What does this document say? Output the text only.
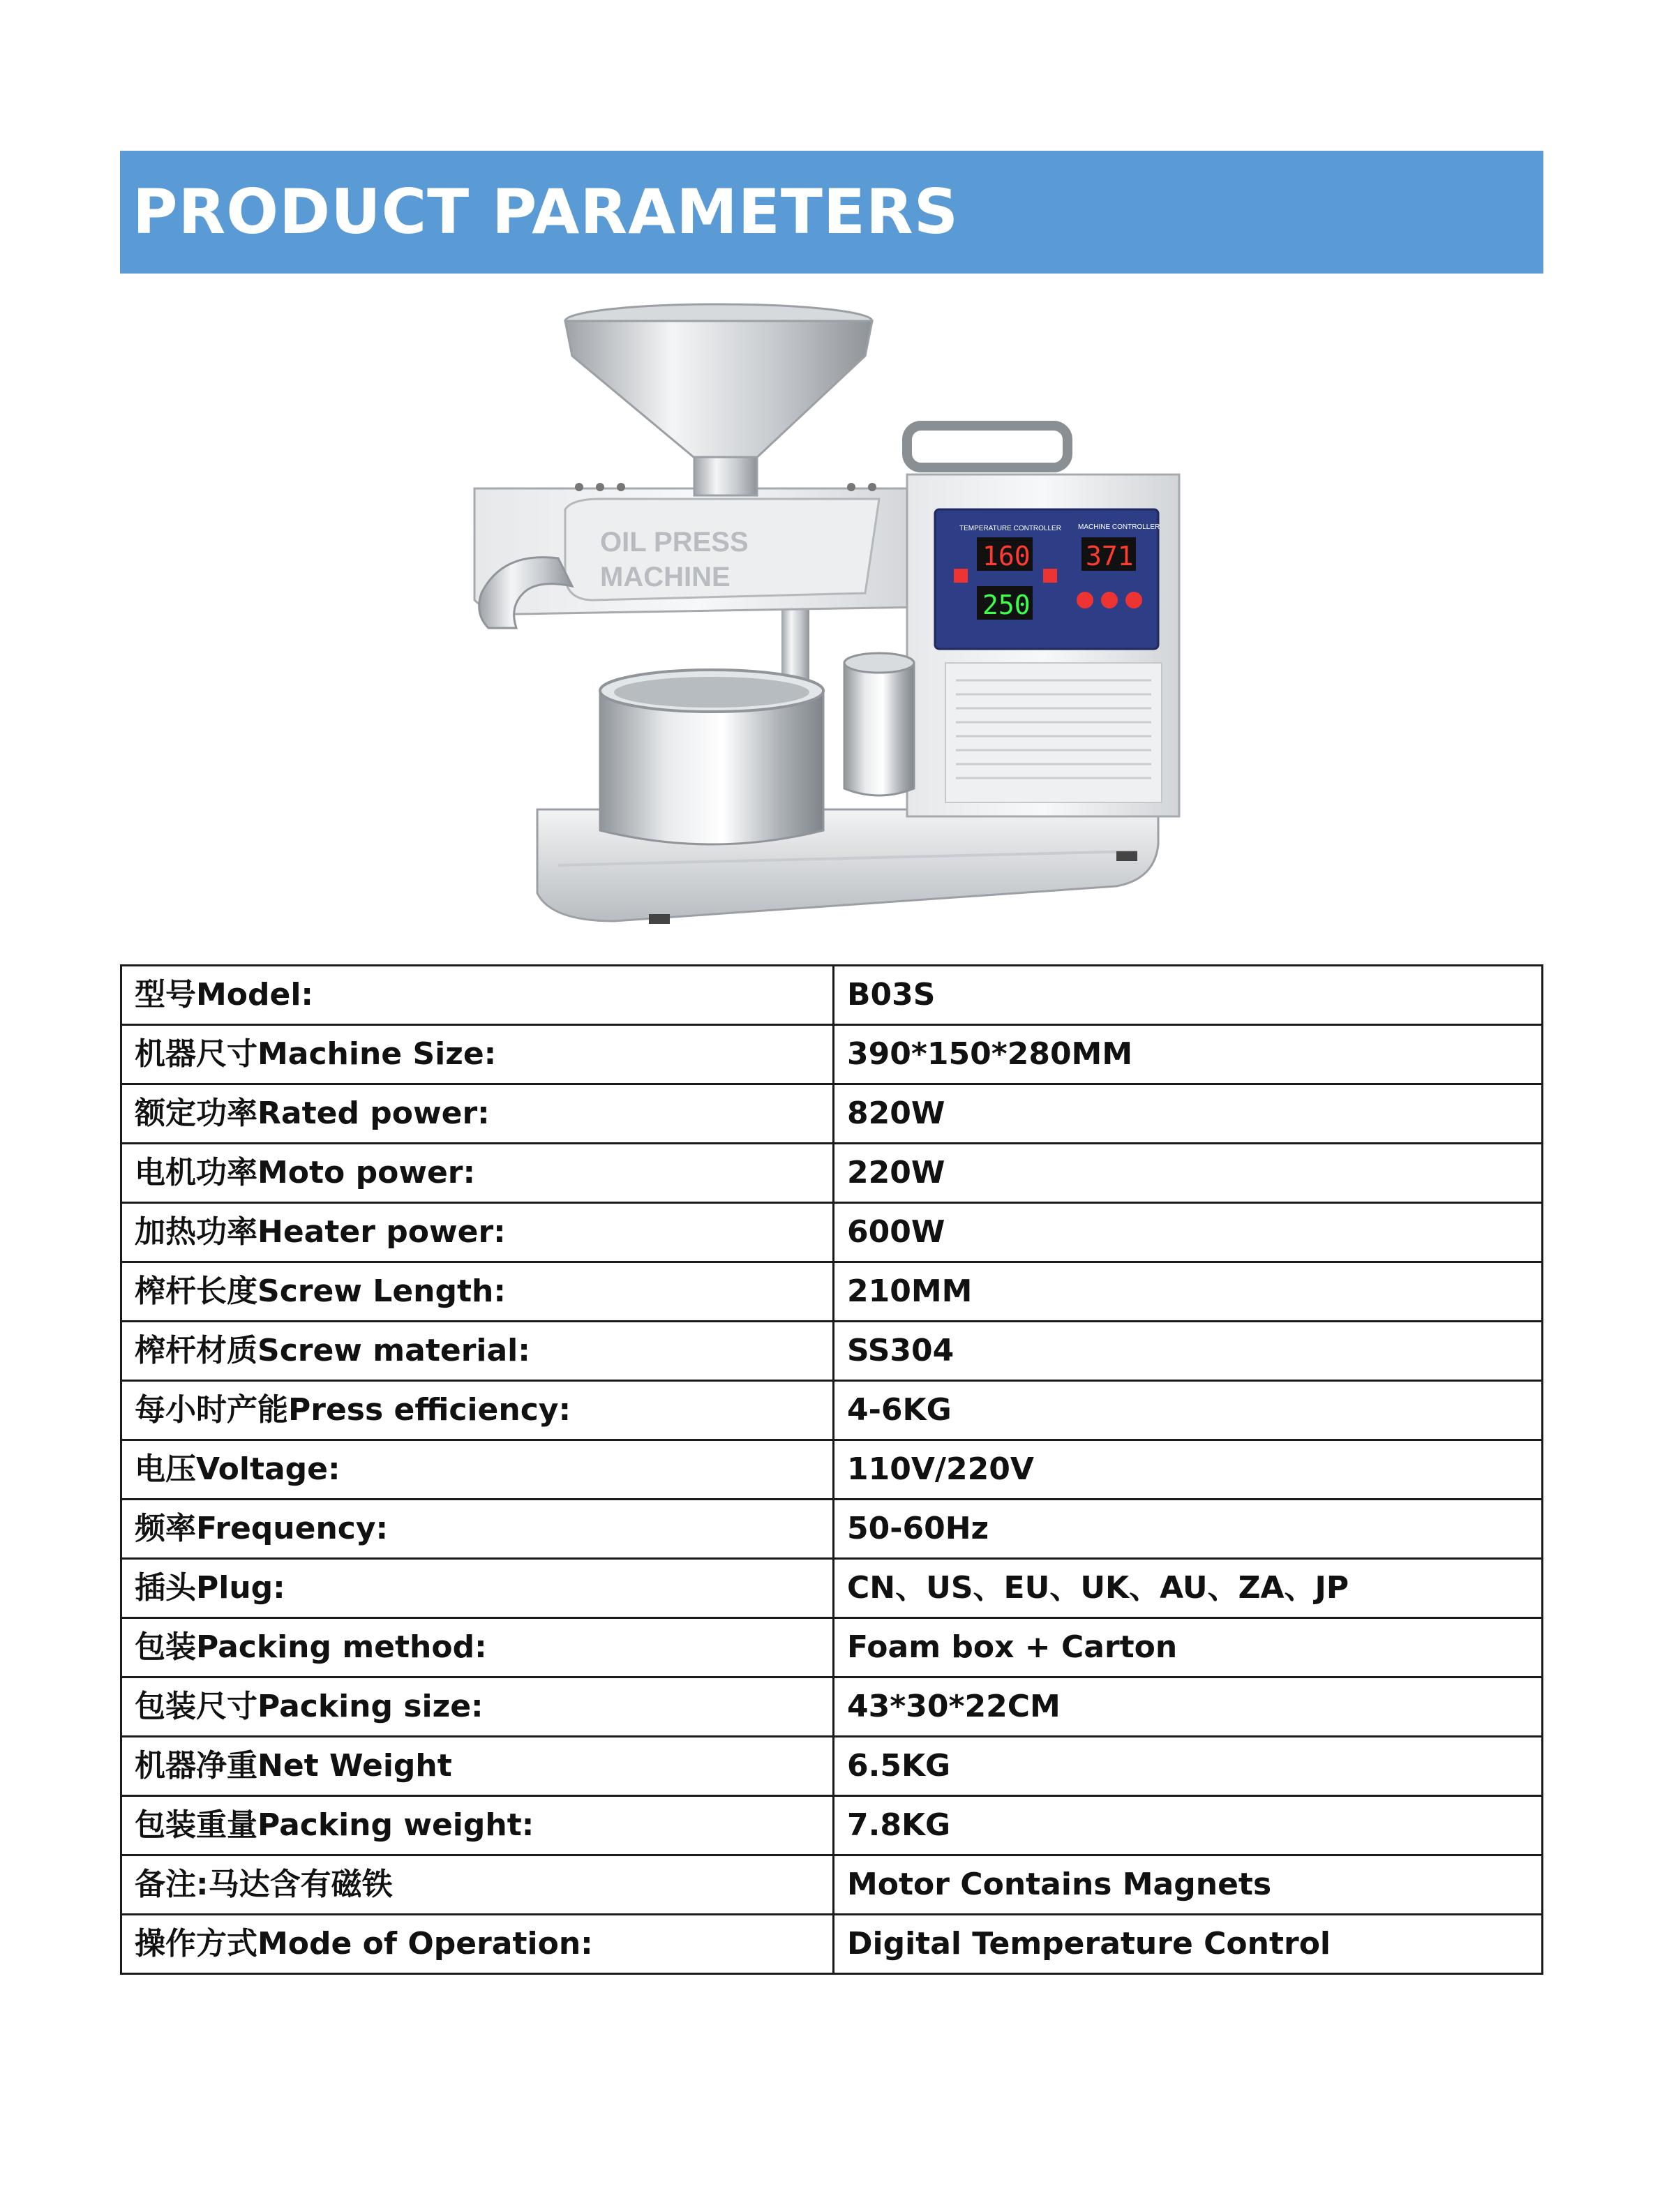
PRODUCT PARAMETERS
OIL PRESS
MACHINE
TEMPERATURE CONTROLLER MACHINE CONTROLLER
160
250
371
型号Model:	B03S
机器尺寸Machine Size:	390*150*280MM
额定功率Rated power:	820W
电机功率Moto power:	220W
加热功率Heater power:	600W
榨杆长度Screw Length:	210MM
榨杆材质Screw material:	SS304
每小时产能Press efficiency:	4-6KG
电压Voltage:	110V/220V
频率Frequency:	50-60Hz
插头Plug:	CN、US、EU、UK、AU、ZA、JP
包装Packing method:	Foam box + Carton
包装尺寸Packing size:	43*30*22CM
机器净重Net Weight	6.5KG
包装重量Packing weight:	7.8KG
备注:马达含有磁铁	Motor Contains Magnets
操作方式Mode of Operation:	Digital Temperature Control
